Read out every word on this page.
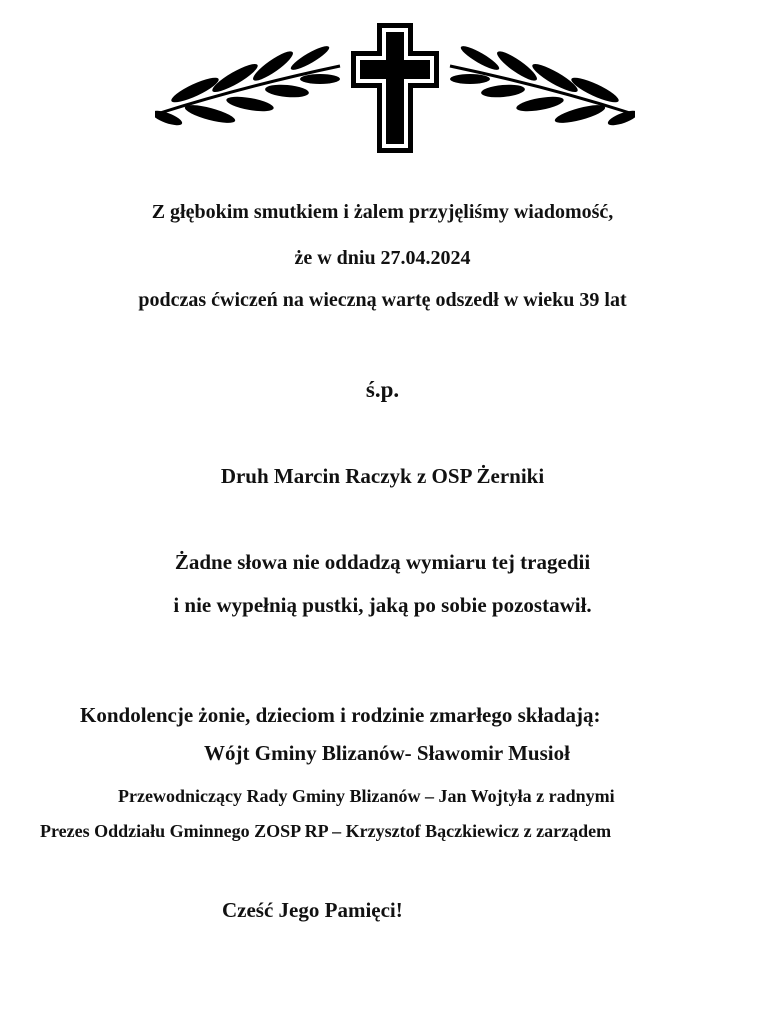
Z głębokim smutkiem i żalem przyjęliśmy wiadomość,
że w dniu 27.04.2024
podczas ćwiczeń na wieczną wartę odszedł w wieku 39 lat
ś.p.
Druh Marcin Raczyk z OSP Żerniki
Żadne słowa nie oddadzą wymiaru tej tragedii
i nie wypełnią pustki, jaką po sobie pozostawił.
Kondolencje żonie, dzieciom i rodzinie zmarłego składają:
Wójt Gminy Blizanów- Sławomir Musioł
Przewodniczący Rady Gminy Blizanów – Jan Wojtyła z radnymi
Prezes Oddziału Gminnego ZOSP RP – Krzysztof Bączkiewicz z zarządem
Cześć Jego Pamięci!
